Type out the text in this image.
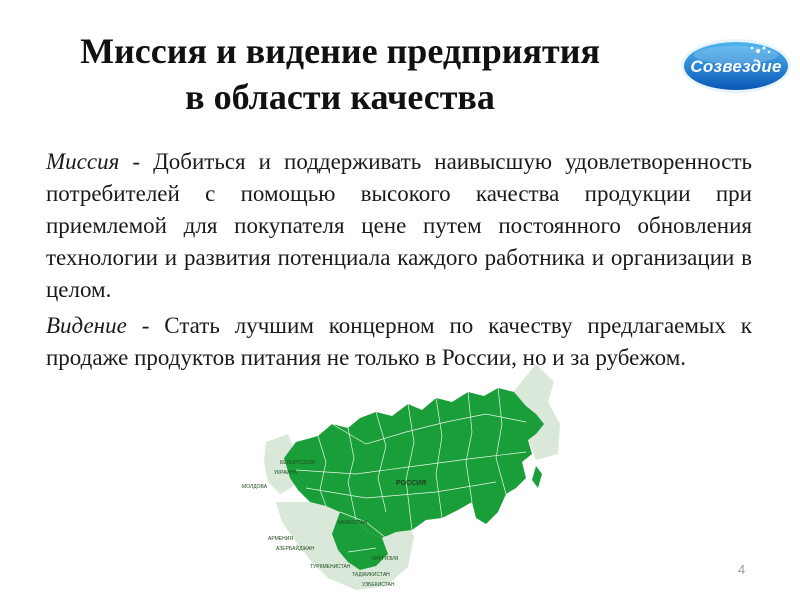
Миссия и видение предприятия
в области качества
Созвездие

Миссия - Добиться и поддерживать наивысшую удовлетворенность потребителей с помощью высокого качества продукции при приемлемой для покупателя цене путем постоянного обновления технологии и развития потенциала каждого работника и организации в целом.

Видение - Стать лучшим концерном по качеству предлагаемых к продаже продуктов питания не только в России, но и за рубежом.

РОССИЯ
БЕЛОРУССИЯ
УКРАИНА
МОЛДОВА
АРМЕНИЯ
АЗЕРБАЙДЖАН
КАЗАХСТАН
КИРГИЗИЯ
ТУРКМЕНИСТАН
ТАДЖИКИСТАН
УЗБЕКИСТАН
4
